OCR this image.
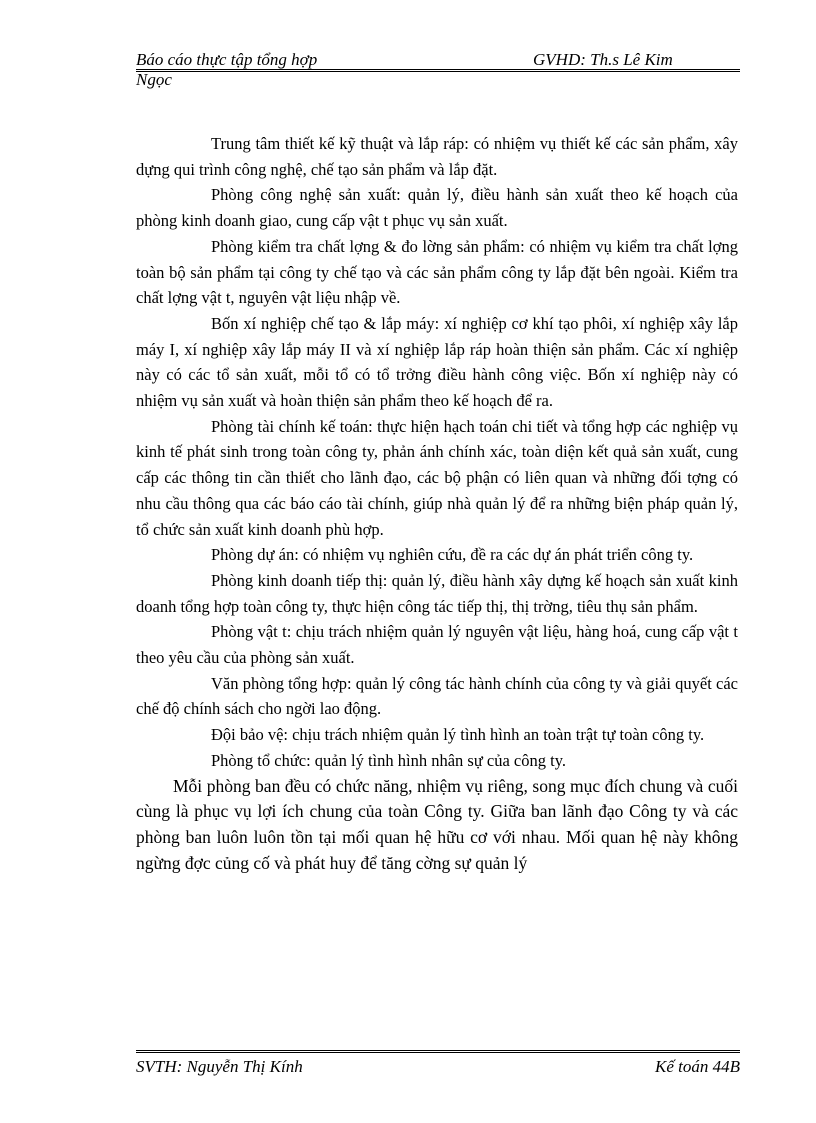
Báo cáo thực tập tổng hợp	GVHD: Th.s Lê Kim
Ngọc

Trung tâm thiết kế kỹ thuật và lắp ráp: có nhiệm vụ thiết kế các sản phẩm, xây dựng qui trình công nghệ, chế tạo sản phẩm và lắp đặt.

Phòng công nghệ sản xuất: quản lý, điều hành sản xuất theo kế hoạch của phòng kinh doanh giao, cung cấp vật t phục vụ sản xuất.

Phòng kiểm tra chất lợng & đo lờng sản phẩm: có nhiệm vụ kiểm tra chất lợng toàn bộ sản phẩm tại công ty chế tạo và các sản phẩm công ty lắp đặt bên ngoài. Kiểm tra chất lợng vật t, nguyên vật liệu nhập về.

Bốn xí nghiệp chế tạo & lắp máy: xí nghiệp cơ khí tạo phôi, xí nghiệp xây lắp máy I, xí nghiệp xây lắp máy II và xí nghiệp lắp ráp hoàn thiện sản phẩm. Các xí nghiệp này có các tổ sản xuất, mỗi tổ có tổ trởng điều hành công việc. Bốn xí nghiệp này có nhiệm vụ sản xuất và hoàn thiện sản phẩm theo kế hoạch để ra.

Phòng tài chính kế toán: thực hiện hạch toán chi tiết và tổng hợp các nghiệp vụ kinh tế phát sinh trong toàn công ty, phản ánh chính xác, toàn diện kết quả sản xuất, cung cấp các thông tin cần thiết cho lãnh đạo, các bộ phận có liên quan và những đối tợng có nhu cầu thông qua các báo cáo tài chính, giúp nhà quản lý để ra những biện pháp quản lý, tổ chức sản xuất kinh doanh phù hợp.

Phòng dự án: có nhiệm vụ nghiên cứu, đề ra các dự án phát triển công ty.

Phòng kinh doanh tiếp thị: quản lý, điều hành xây dựng kế hoạch sản xuất kinh doanh tổng hợp toàn công ty, thực hiện công tác tiếp thị, thị trờng, tiêu thụ sản phẩm.

Phòng vật t: chịu trách nhiệm quản lý nguyên vật liệu, hàng hoá, cung cấp vật t theo yêu cầu của phòng sản xuất.

Văn phòng tổng hợp: quản lý công tác hành chính của công ty và giải quyết các chế độ chính sách cho ngời lao động.

Đội bảo vệ: chịu trách nhiệm quản lý tình hình an toàn trật tự toàn công ty.

Phòng tổ chức: quản lý tình hình nhân sự của công ty.

Mỗi phòng ban đều có chức năng, nhiệm vụ riêng, song mục đích chung và cuối cùng là phục vụ lợi ích chung của toàn Công ty. Giữa ban lãnh đạo Công ty và các phòng ban luôn luôn tồn tại mối quan hệ hữu cơ với nhau. Mối quan hệ này không ngừng đợc củng cố và phát huy để tăng cờng sự quản lý

SVTH: Nguyễn Thị Kính	Kế toán 44B
